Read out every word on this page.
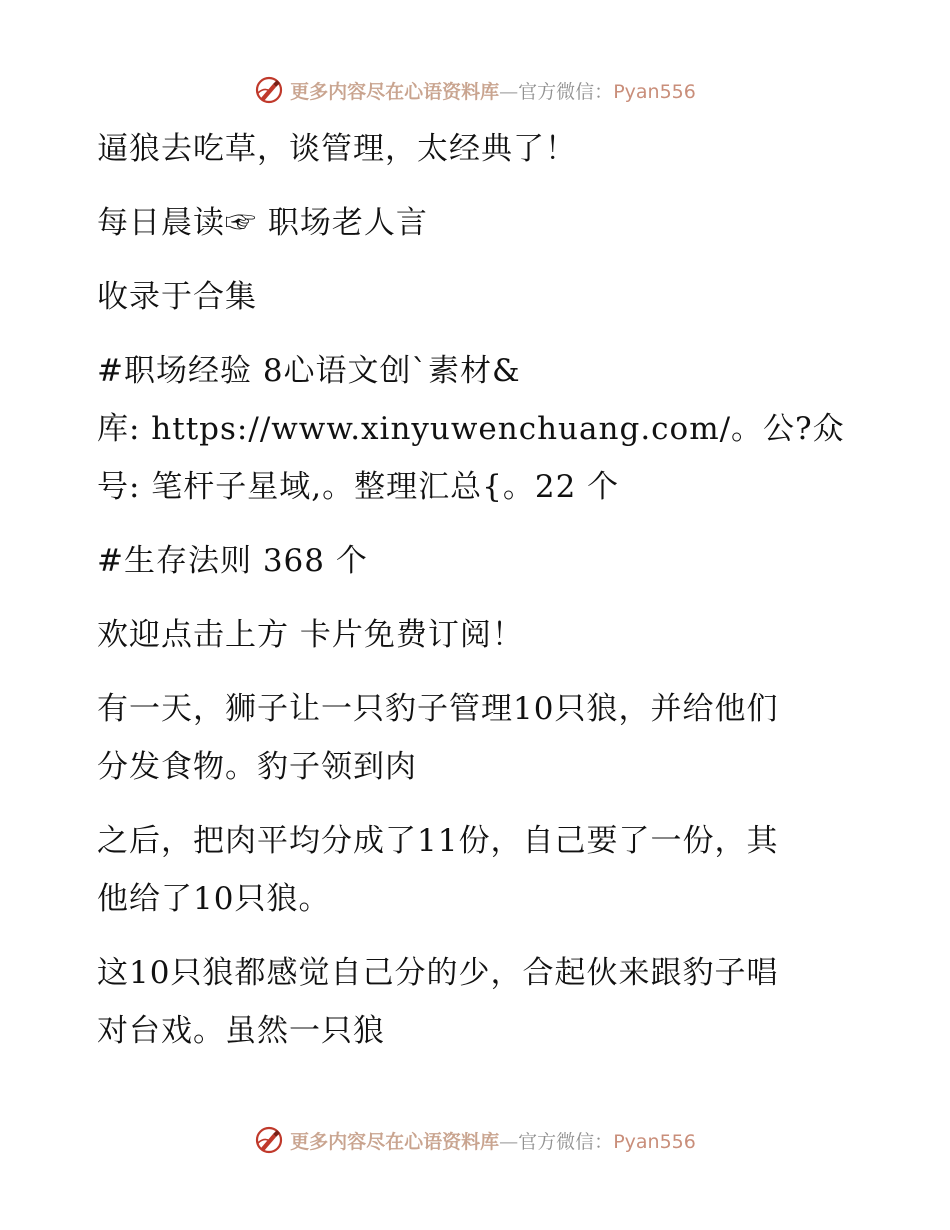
更多内容尽在心语资料库—官方微信：Pyan556
逼狼去吃草，谈管理，太经典了！
每日晨读☞ 职场老人言
收录于合集
#职场经验 8心语文创`素材&
库: https://www.xinyuwenchuang.com/。公?众
号: 笔杆子星域,。整理汇总{。22 个
#生存法则 368 个
欢迎点击上方 卡片免费订阅！
有一天，狮子让一只豹子管理10只狼，并给他们
分发食物。豹子领到肉
之后，把肉平均分成了11份，自己要了一份，其
他给了10只狼。
这10只狼都感觉自己分的少，合起伙来跟豹子唱
对台戏。虽然一只狼
更多内容尽在心语资料库—官方微信：Pyan556
